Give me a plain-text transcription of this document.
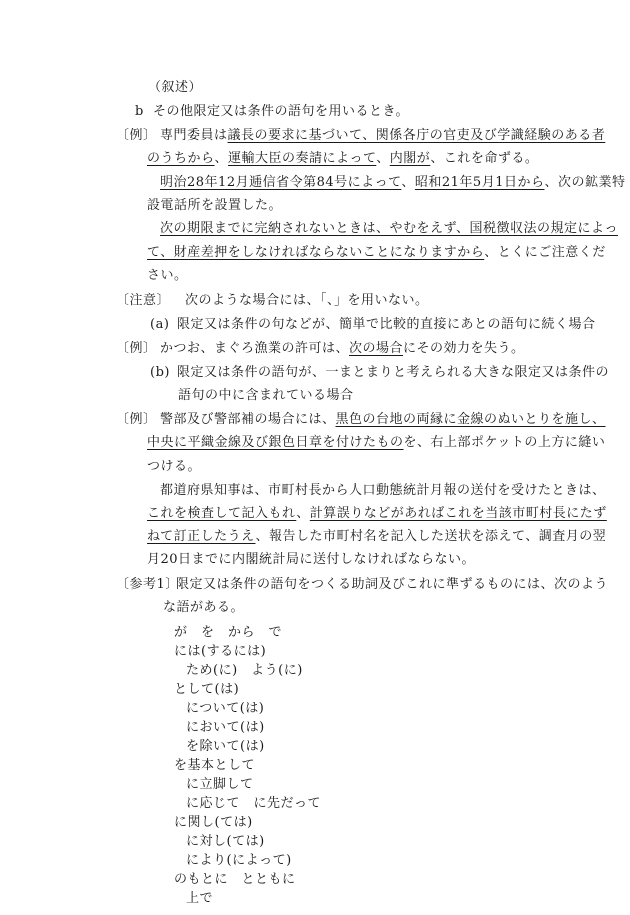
（叙述）
b その他限定又は条件の語句を用いるとき。
〔例〕 専門委員は議長の要求に基づいて、関係各庁の官吏及び学識経験のある者
のうちから、運輸大臣の奏請によって、内閣が、これを命ずる。
明治28年12月逓信省令第84号によって、昭和21年5月1日から、次の鉱業特
設電話所を設置した。
次の期限までに完納されないときは、やむをえず、国税徴収法の規定によっ
て、財産差押をしなければならないことになりますから、とくにご注意くだ
さい。
〔注意〕 次のような場合には、「、」を用いない。
(a) 限定又は条件の句などが、簡単で比較的直接にあとの語句に続く場合
〔例〕 かつお、まぐろ漁業の許可は、次の場合にその効力を失う。
(b) 限定又は条件の語句が、一まとまりと考えられる大きな限定又は条件の
語句の中に含まれている場合
〔例〕 警部及び警部補の場合には、黒色の台地の両縁に金線のぬいとりを施し、
中央に平織金線及び銀色日章を付けたものを、右上部ポケットの上方に縫い
つける。
都道府県知事は、市町村長から人口動態統計月報の送付を受けたときは、
これを検査して記入もれ、計算誤りなどがあればこれを当該市町村長にたず
ねて訂正したうえ、報告した市町村名を記入した送状を添えて、調査月の翌
月20日までに内閣統計局に送付しなければならない。
〔参考1〕
限定又は条件の語句をつくる助詞及びこれに準ずるものには、次のよう
な語がある。
が　を　から　で
には(するには)
ため(に)　よう(に)
として(は)
について(は)
において(は)
を除いて(は)
を基本として
に立脚して
に応じて　に先だって
に関し(ては)
に対し(ては)
により(によって)
のもとに　とともに
上で
